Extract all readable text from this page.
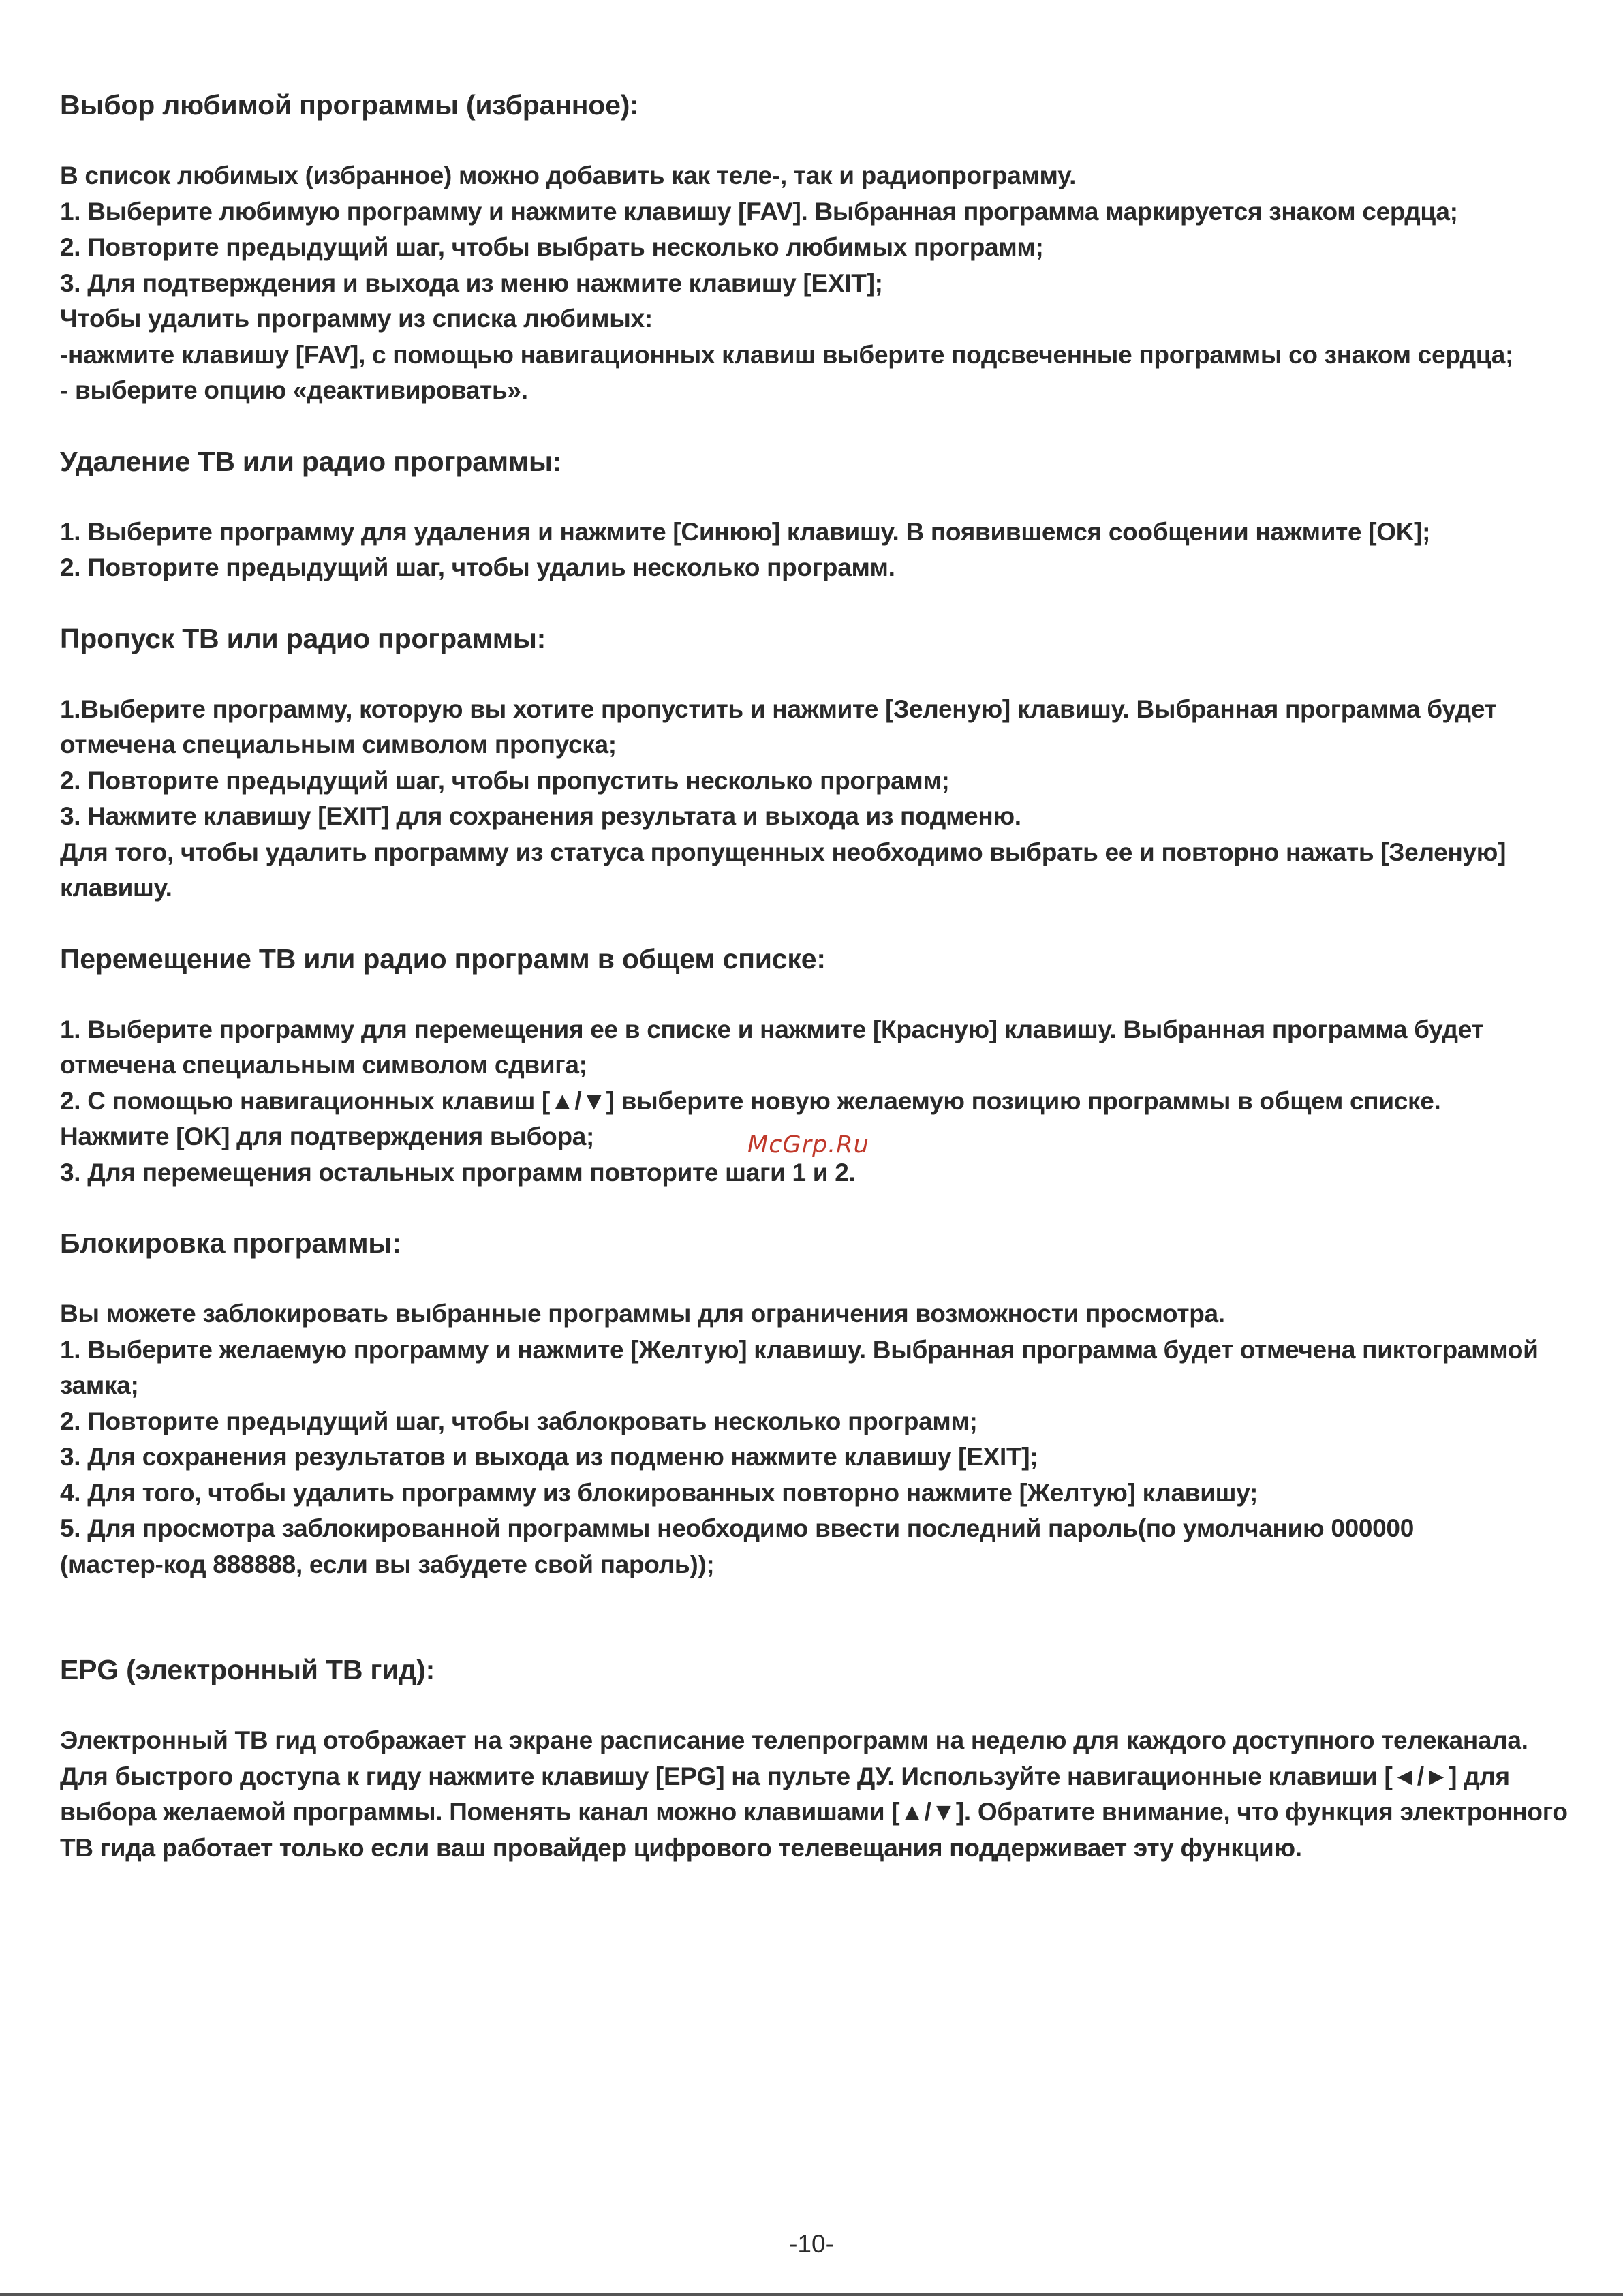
Выбор любимой программы (избранное):
В список любимых (избранное) можно добавить как теле-, так и радиопрограмму.
1. Выберите любимую программу и нажмите клавишу [FAV]. Выбранная программа маркируется знаком сердца;
2. Повторите предыдущий шаг, чтобы выбрать несколько любимых программ;
3. Для подтверждения и выхода из меню нажмите клавишу [EXIT];
Чтобы удалить программу из списка любимых:
-нажмите клавишу [FAV], с помощью навигационных клавиш выберите подсвеченные программы со знаком сердца;
- выберите опцию «деактивировать».
Удаление ТВ или радио программы:
1. Выберите программу для удаления и нажмите [Синюю] клавишу. В появившемся сообщении нажмите [OK];
2. Повторите предыдущий шаг, чтобы удалиь несколько программ.
Пропуск ТВ или радио программы:
1.Выберите программу, которую вы хотите пропустить и нажмите [Зеленую] клавишу. Выбранная программа будет
отмечена специальным символом пропуска;
2. Повторите предыдущий шаг, чтобы пропустить несколько программ;
3. Нажмите клавишу [EXIT] для сохранения результата и выхода из подменю.
Для того, чтобы удалить программу из статуса пропущенных необходимо выбрать ее и повторно нажать [Зеленую]
клавишу.
Перемещение ТВ или радио программ в общем списке:
1. Выберите программу для перемещения ее в списке и нажмите [Красную] клавишу. Выбранная программа будет
отмечена специальным символом сдвига;
2. С помощью навигационных клавиш [▲/▼] выберите новую желаемую позицию программы в общем списке.
Нажмите [OK] для подтверждения выбора;
3. Для перемещения остальных программ повторите шаги 1 и 2.
Блокировка программы:
Вы можете заблокировать выбранные программы для ограничения возможности просмотра.
1. Выберите желаемую программу и нажмите [Желтую] клавишу. Выбранная программа будет отмечена пиктограммой
замка;
2. Повторите предыдущий шаг, чтобы заблокровать несколько программ;
3. Для сохранения результатов и выхода из подменю нажмите клавишу [EXIT];
4. Для того, чтобы удалить программу из блокированных повторно нажмите [Желтую] клавишу;
5. Для просмотра заблокированной программы необходимо ввести последний пароль(по умолчанию 000000
(мастер-код 888888, если вы забудете свой пароль));
EPG (электронный ТВ гид):
Электронный ТВ гид отображает на экране расписание телепрограмм на неделю для каждого доступного телеканала.
Для быстрого доступа к гиду нажмите клавишу [EPG] на пульте ДУ. Используйте навигационные клавиши [◄/►] для
выбора желаемой программы. Поменять канал можно клавишами [▲/▼]. Обратите внимание, что функция электронного
ТВ гида работает только если ваш провайдер цифрового телевещания поддерживает эту функцию.
McGrp.Ru
-10-
